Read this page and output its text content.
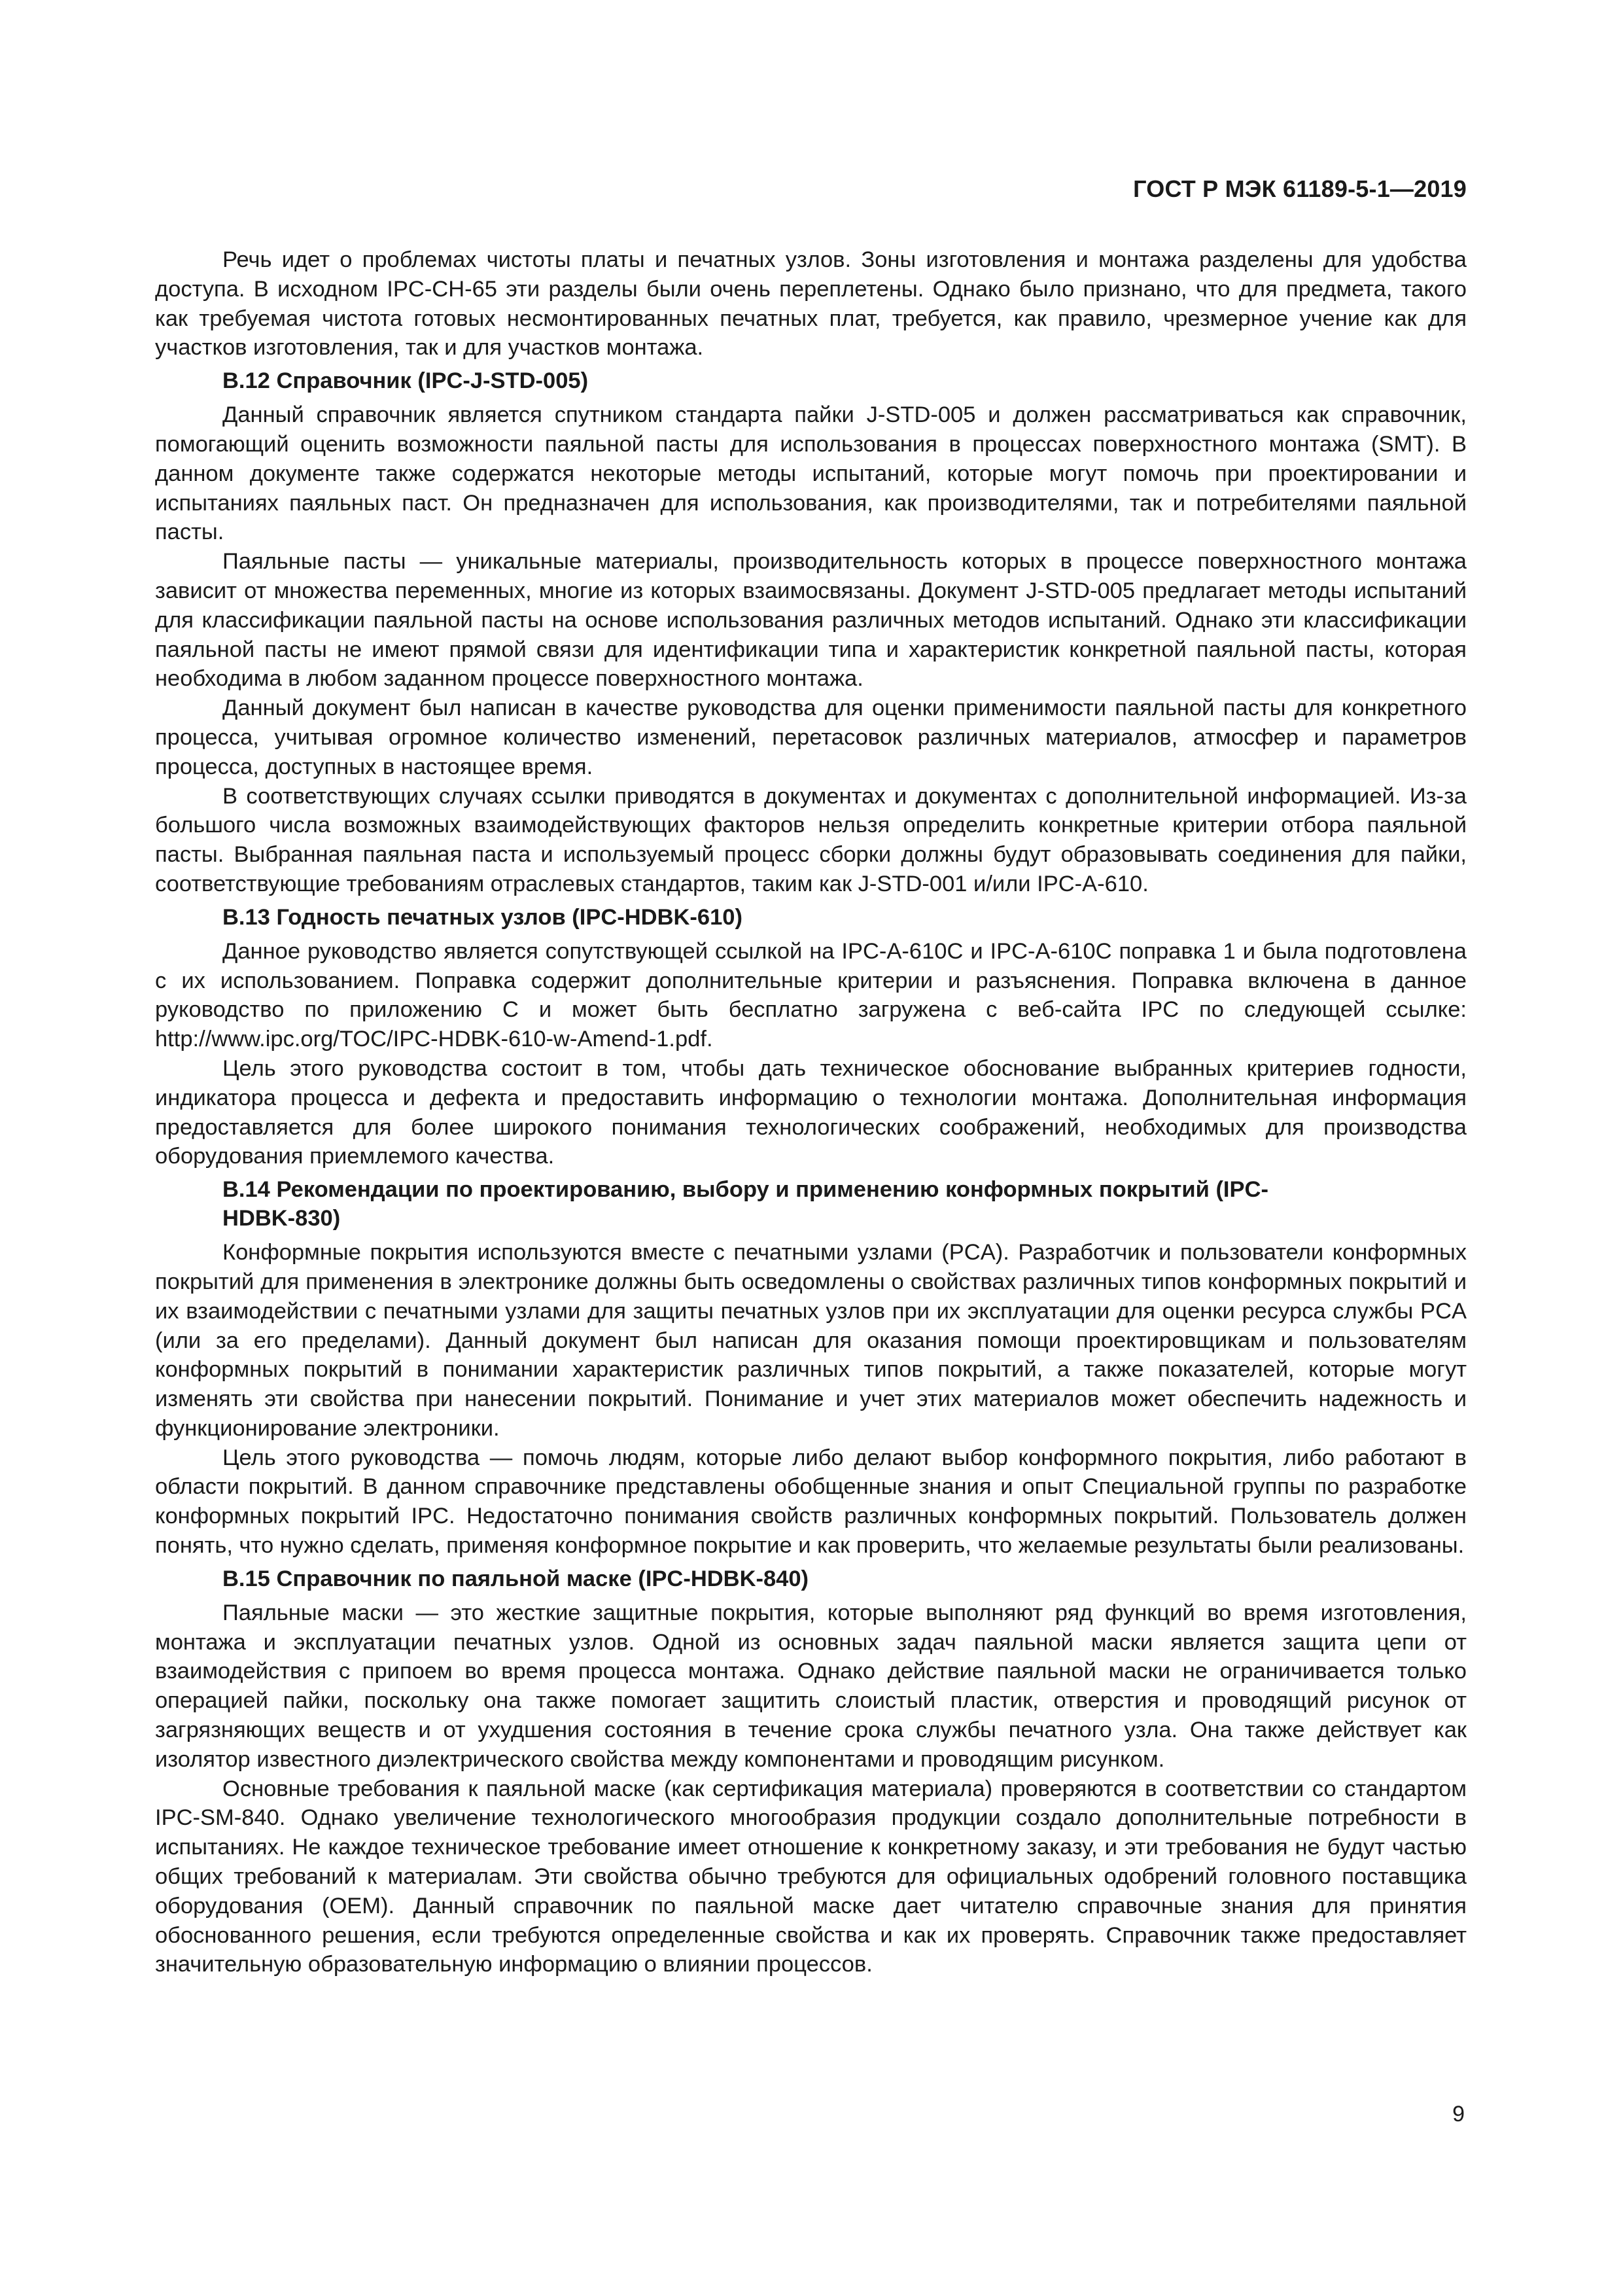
ГОСТ Р МЭК 61189-5-1—2019

Речь идет о проблемах чистоты платы и печатных узлов. Зоны изготовления и монтажа разделены для удобства доступа. В исходном IPC-CH-65 эти разделы были очень переплетены. Однако было признано, что для предмета, такого как требуемая чистота готовых несмонтированных печатных плат, требуется, как правило, чрезмерное учение как для участков изготовления, так и для участков монтажа.

B.12 Справочник (IPC-J-STD-005)

Данный справочник является спутником стандарта пайки J-STD-005 и должен рассматриваться как справочник, помогающий оценить возможности паяльной пасты для использования в процессах поверхностного монтажа (SMT). В данном документе также содержатся некоторые методы испытаний, которые могут помочь при проектировании и испытаниях паяльных паст. Он предназначен для использования, как производителями, так и потребителями паяльной пасты.

Паяльные пасты — уникальные материалы, производительность которых в процессе поверхностного монтажа зависит от множества переменных, многие из которых взаимосвязаны. Документ J-STD-005 предлагает методы испытаний для классификации паяльной пасты на основе использования различных методов испытаний. Однако эти классификации паяльной пасты не имеют прямой связи для идентификации типа и характеристик конкретной паяльной пасты, которая необходима в любом заданном процессе поверхностного монтажа.

Данный документ был написан в качестве руководства для оценки применимости паяльной пасты для конкретного процесса, учитывая огромное количество изменений, перетасовок различных материалов, атмосфер и параметров процесса, доступных в настоящее время.

В соответствующих случаях ссылки приводятся в документах и документах с дополнительной информацией. Из-за большого числа возможных взаимодействующих факторов нельзя определить конкретные критерии отбора паяльной пасты. Выбранная паяльная паста и используемый процесс сборки должны будут образовывать соединения для пайки, соответствующие требованиям отраслевых стандартов, таким как J-STD-001 и/или IPC-A-610.

B.13 Годность печатных узлов (IPC-HDBK-610)

Данное руководство является сопутствующей ссылкой на IPC-A-610C и IPC-A-610C поправка 1 и была подготовлена с их использованием. Поправка содержит дополнительные критерии и разъяснения. Поправка включена в данное руководство по приложению С и может быть бесплатно загружена с веб-сайта IPC по следующей ссылке: http://www.ipc.org/TOC/IPC-HDBK-610-w-Amend-1.pdf.

Цель этого руководства состоит в том, чтобы дать техническое обоснование выбранных критериев годности, индикатора процесса и дефекта и предоставить информацию о технологии монтажа. Дополнительная информация предоставляется для более широкого понимания технологических соображений, необходимых для производства оборудования приемлемого качества.

B.14 Рекомендации по проектированию, выбору и применению конформных покрытий (IPC-HDBK-830)

Конформные покрытия используются вместе с печатными узлами (PCA). Разработчик и пользователи конформных покрытий для применения в электронике должны быть осведомлены о свойствах различных типов конформных покрытий и их взаимодействии с печатными узлами для защиты печатных узлов при их эксплуатации для оценки ресурса службы PCA (или за его пределами). Данный документ был написан для оказания помощи проектировщикам и пользователям конформных покрытий в понимании характеристик различных типов покрытий, а также показателей, которые могут изменять эти свойства при нанесении покрытий. Понимание и учет этих материалов может обеспечить надежность и функционирование электроники.

Цель этого руководства — помочь людям, которые либо делают выбор конформного покрытия, либо работают в области покрытий. В данном справочнике представлены обобщенные знания и опыт Специальной группы по разработке конформных покрытий IPC. Недостаточно понимания свойств различных конформных покрытий. Пользователь должен понять, что нужно сделать, применяя конформное покрытие и как проверить, что желаемые результаты были реализованы.

B.15 Справочник по паяльной маске (IPC-HDBK-840)

Паяльные маски — это жесткие защитные покрытия, которые выполняют ряд функций во время изготовления, монтажа и эксплуатации печатных узлов. Одной из основных задач паяльной маски является защита цепи от взаимодействия с припоем во время процесса монтажа. Однако действие паяльной маски не ограничивается только операцией пайки, поскольку она также помогает защитить слоистый пластик, отверстия и проводящий рисунок от загрязняющих веществ и от ухудшения состояния в течение срока службы печатного узла. Она также действует как изолятор известного диэлектрического свойства между компонентами и проводящим рисунком.

Основные требования к паяльной маске (как сертификация материала) проверяются в соответствии со стандартом IPC-SM-840. Однако увеличение технологического многообразия продукции создало дополнительные потребности в испытаниях. Не каждое техническое требование имеет отношение к конкретному заказу, и эти требования не будут частью общих требований к материалам. Эти свойства обычно требуются для официальных одобрений головного поставщика оборудования (OEM). Данный справочник по паяльной маске дает читателю справочные знания для принятия обоснованного решения, если требуются определенные свойства и как их проверять. Справочник также предоставляет значительную образовательную информацию о влиянии процессов.

9
